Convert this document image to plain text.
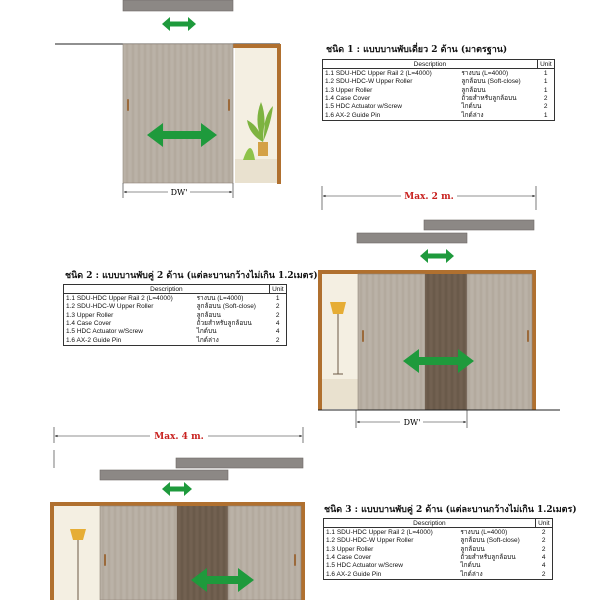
DW'	Max. 2 m.
DW'
Max. 4 m.
ชนิด 1 : แบบบานพับเดี่ยว 2 ด้าน (มาตรฐาน)
Description		Unit
1.1 SDU-HDC Upper Rail 2 (L=4000)	รางบน (L=4000)	1
1.2 SDU-HDC-W Upper Roller	ลูกล้อบน (Soft-close)	1
1.3 Upper Roller	ลูกล้อบน	1
1.4 Case Cover	ถ้วยสำหรับลูกล้อบน	2
1.5 HDC Actuator w/Screw	ไกด์บน	2
1.6 AX-2 Guide Pin	ไกด์ล่าง	1
ชนิด 2 : แบบบานพับคู่ 2 ด้าน (แต่ละบานกว้างไม่เกิน 1.2เมตร)
Description		Unit
1.1 SDU-HDC Upper Rail 2 (L=4000)	รางบน (L=4000)	1
1.2 SDU-HDC-W Upper Roller	ลูกล้อบน (Soft-close)	2
1.3 Upper Roller	ลูกล้อบน	2
1.4 Case Cover	ถ้วยสำหรับลูกล้อบน	4
1.5 HDC Actuator w/Screw	ไกด์บน	4
1.6 AX-2 Guide Pin	ไกด์ล่าง	2
ชนิด 3 : แบบบานพับคู่ 2 ด้าน (แต่ละบานกว้างไม่เกิน 1.2เมตร)
Description		Unit
1.1 SDU-HDC Upper Rail 2 (L=4000)	รางบน (L=4000)	2
1.2 SDU-HDC-W Upper Roller	ลูกล้อบน (Soft-close)	2
1.3 Upper Roller	ลูกล้อบน	2
1.4 Case Cover	ถ้วยสำหรับลูกล้อบน	4
1.5 HDC Actuator w/Screw	ไกด์บน	4
1.6 AX-2 Guide Pin	ไกด์ล่าง	2
